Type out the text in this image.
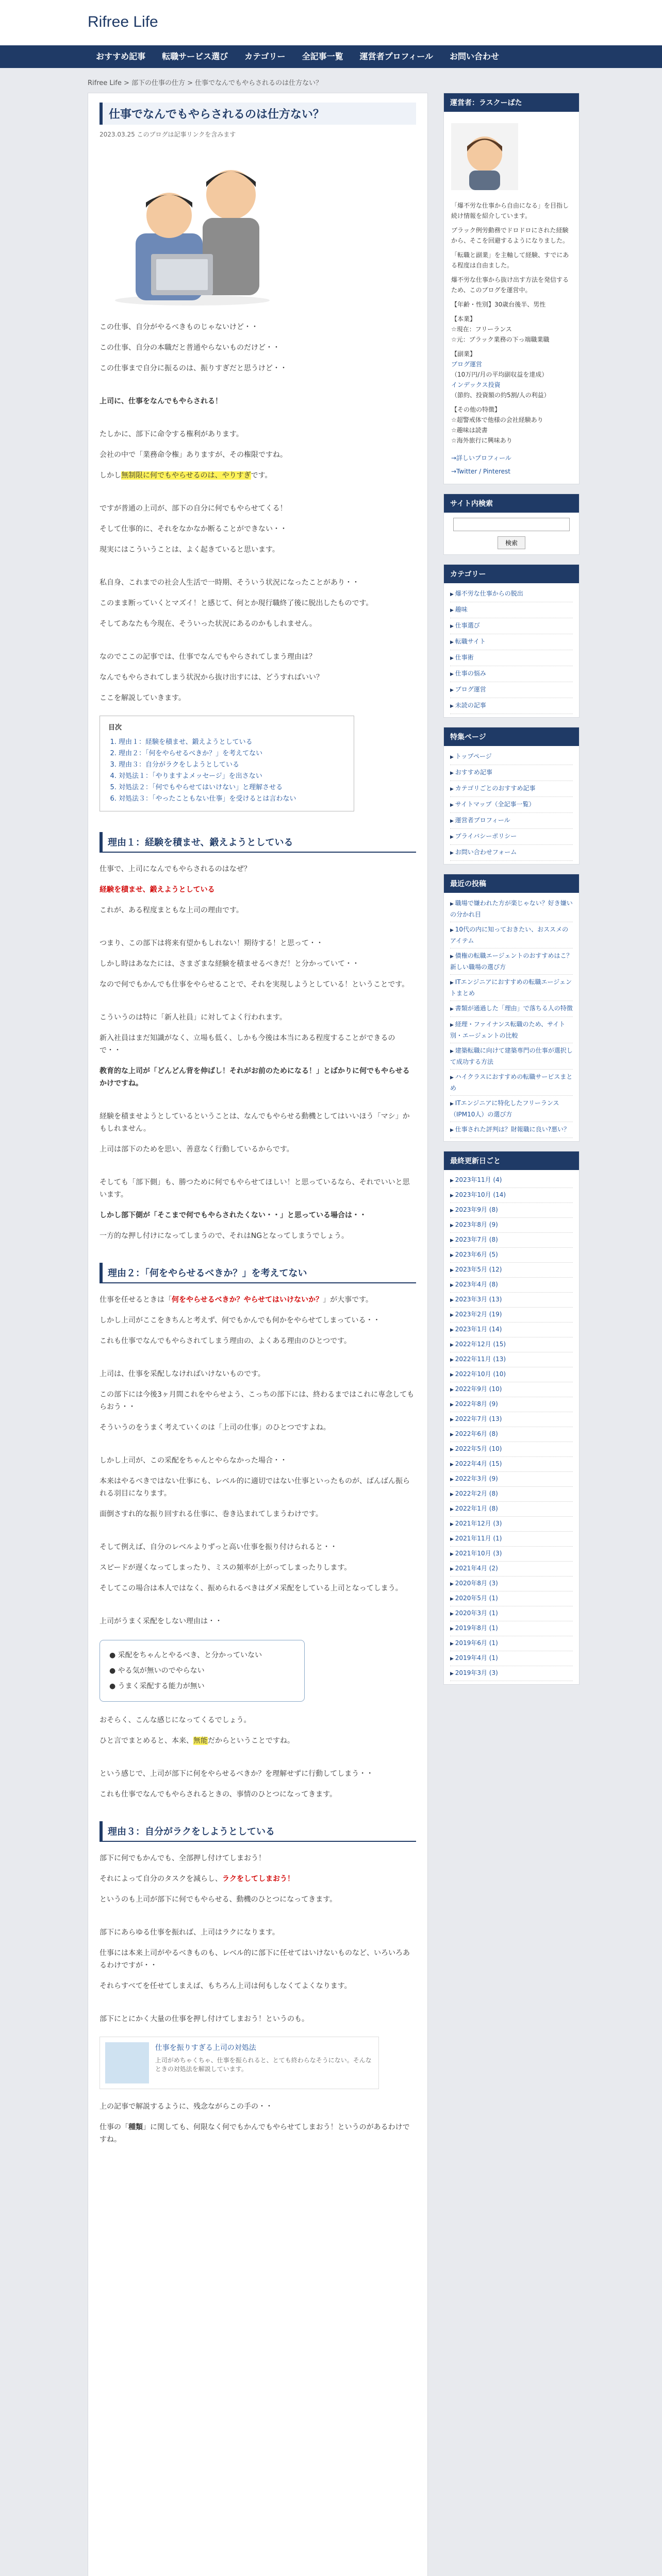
Rifree Life
おすすめ記事	転職サービス選び	カテゴリー	全記事一覧	運営者プロフィール	お問い合わせ
Rifree Life > 部下の仕事の仕方 > 仕事でなんでもやらされるのは仕方ない？
仕事でなんでもやらされるのは仕方ない？
2023.03.25 このブログは記事リンクを含みます

この仕事、自分がやるべきものじゃないけど・・

この仕事、自分の本職だと普通やらないものだけど・・

この仕事まで自分に振るのは、振りすぎだと思うけど・・

上司に、仕事をなんでもやらされる！

たしかに、部下に命令する権利があります。

会社の中で「業務命令権」ありますが、その権限ですね。

しかし無制限に何でもやらせるのは、やりすぎです。

ですが普通の上司が、部下の自分に何でもやらせてくる！

そして仕事的に、それをなかなか断ることができない・・

現実にはこういうことは、よく起きていると思います。

私自身、これまでの社会人生活で一時期、そういう状況になったことがあり・・

このまま断っていくとマズイ！と感じて、何とか現行職終了後に脱出したものです。

そしてあなたも今現在、そういった状況にあるのかもしれません。

なのでここの記事では、仕事でなんでもやらされてしまう理由は？

なんでもやらされてしまう状況から抜け出すには、どうすればいい？

ここを解説していきます。

目次
1. 理由１：経験を積ませ、鍛えようとしている
2. 理由２：「何をやらせるべきか？」を考えてない
3. 理由３：自分がラクをしようとしている
4. 対処法１：「やりますよメッセージ」を出さない
5. 対処法２：「何でもやらせてはいけない」と理解させる
6. 対処法３：「やったこともない仕事」を受けるとは言わない
理由１：経験を積ませ、鍛えようとしている

仕事で、上司になんでもやらされるのはなぜ？

経験を積ませ、鍛えようとしている

これが、ある程度まともな上司の理由です。

つまり、この部下は将来有望かもしれない！期待する！と思って・・

しかし時はあなたには、さまざまな経験を積ませるべきだ！と分かっていて・・

なので何でもかんでも仕事をやらせることで、それを実現しようとしている！ということです。

こういうのは特に「新人社員」に対してよく行われます。

新入社員はまだ知識がなく、立場も低く、しかも今後は本当にある程度することができるので・・

教育的な上司が「どんどん背を伸ばし！それがお前のためになる！」とばかりに何でもやらせるかけですね。

経験を積ませようとしているということは、なんでもやらせる動機としてはいいほう「マシ」かもしれません。

上司は部下のためを思い、善意なく行動しているからです。

そしても「部下側」も、勝つために何でもやらせてほしい！と思っているなら、それでいいと思います。

しかし部下側が「そこまで何でもやらされたくない・・」と思っている場合は・・

一方的な押し付けになってしまうので、それはNGとなってしまうでしょう。

理由２：「何をやらせるべきか？」を考えてない

仕事を任せるときは「何をやらせるべきか？やらせてはいけないか？」が大事です。

しかし上司がここをきちんと考えず、何でもかんでも何かをやらせてしまっている・・

これも仕事でなんでもやらされてしまう理由の、よくある理由のひとつです。

上司は、仕事を采配しなければいけないものです。

この部下には今後3ヶ月間これをやらせよう、こっちの部下には、終わるまではこれに専念してもらおう・・

そういうのをうまく考えていくのは「上司の仕事」のひとつですよね。

しかし上司が、この采配をちゃんとやらなかった場合・・

本来はやるべきではない仕事にも、レベル的に適切ではない仕事といったものが、ばんばん振られる羽目になります。

面倒さすれ的な振り回すれる仕事に、巻き込まれてしまうわけです。

そして例えば、自分のレベルよりずっと高い仕事を振り付けられると・・

スピードが遅くなってしまったり、ミスの頻率が上がってしまったりします。

そしてこの場合は本人ではなく、振められるべきはダメ采配をしている上司となってしまう。

上司がうまく采配をしない理由は・・

● 采配をちゃんとやるべき、と分かっていない
● やる気が無いのでやらない
● うまく采配する能力が無い

おそらく、こんな感じになってくるでしょう。

ひと言でまとめると、本来、無能だからということですね。

という感じで、上司が部下に何をやらせるべきか？を理解せずに行動してしまう・・

これも仕事でなんでもやらされるときの、事情のひとつになってきます。

理由３：自分がラクをしようとしている

部下に何でもかんでも、全部押し付けてしまおう！

それによって自分のタスクを減らし、ラクをしてしまおう！

というのも上司が部下に何でもやらせる、動機のひとつになってきます。

部下にあらゆる仕事を振れば、上司はラクになります。

仕事には本来上司がやるべきものも、レベル的に部下に任せてはいけないものなど、いろいろあるわけですが・・

それらすべてを任せてしまえば、もちろん上司は何もしなくてよくなります。

部下にとにかく大量の仕事を押し付けてしまおう！というのも。

仕事を振りすぎる上司の対処法
上司がめちゃくちゃ、仕事を振られると、とても終わらなそうにない。そんなときの対処法を解説しています。

上の記事で解説するように、残念ながらこの手の・・

仕事の「種類」に関しても、何限なく何でもかんでもやらせてしまおう！というのがあるわけですね。

運営者：ラスクーばた
「爆不労な仕事から自由になる」を目指し続け情報を紹介しています。
ブラック例労動務でドロドロにされた経験から、そこを回避するようになりました。
「転職と副業」を主軸して経験、すでにある程度は自由ました。
爆不労な仕事から抜け出す方法を発信するため、このブログを運営中。
【年齢・性別】30歳台後半、男性
【本業】
☆現在：フリーランス
☆元：ブラック業務の下っ端職業職
【副業】
ブログ運営
（10万円/月の平均副収益を達成）
インデックス投資
（節約、投資額の約5割/人の利益）
【その他の特徴】
☆超警戒体で他様の会社経験あり
☆趣味は読書
☆海外旅行に興味あり
→詳しいプロフィール
→Twitter / Pinterest
サイト内検索
検索
カテゴリー
▶ 爆不労な仕事からの脱出
▶ 趣味
▶ 仕事選び
▶ 転職サイト
▶ 仕事術
▶ 仕事の悩み
▶ ブログ運営
▶ 未読の記事
特集ページ
▶ トップページ
▶ おすすめ記事
▶ カテゴリごとのおすすめ記事
▶ サイトマップ（全記事一覧）
▶ 運営者プロフィール
▶ プライバシーポリシー
▶ お問い合わせフォーム
最近の投稿
▶ 職場で嫌われた方が楽じゃない？好き嫌いの分かれ目
▶ 10代の内に知っておきたい、おススメのアイテム
▶ 債権の転職エージェントのおすすめはこ？新しい職場の選び方
▶ ITエンジニアにおすすめの転職エージェントまとめ
▶ 書類が通過した「理由」で落ちる人の特徴
▶ 経理・ファイナンス転職のため、サイト別・エージェントの比較
▶ 建築転職に向けて建築専門の仕事が選択して成功する方法
▶ ハイクラスにおすすめの転職サービスまとめ
▶ ITエンジニアに特化したフリーランス（IPM10人）の選び方
▶ 仕事された評判は？財報職に良い?悪い？
最終更新日ごと
▶ 2023年11月 (4)
▶ 2023年10月 (14)
▶ 2023年9月 (8)
▶ 2023年8月 (9)
▶ 2023年7月 (8)
▶ 2023年6月 (5)
▶ 2023年5月 (12)
▶ 2023年4月 (8)
▶ 2023年3月 (13)
▶ 2023年2月 (19)
▶ 2023年1月 (14)
▶ 2022年12月 (15)
▶ 2022年11月 (13)
▶ 2022年10月 (10)
▶ 2022年9月 (10)
▶ 2022年8月 (9)
▶ 2022年7月 (13)
▶ 2022年6月 (8)
▶ 2022年5月 (10)
▶ 2022年4月 (15)
▶ 2022年3月 (9)
▶ 2022年2月 (8)
▶ 2022年1月 (8)
▶ 2021年12月 (3)
▶ 2021年11月 (1)
▶ 2021年10月 (3)
▶ 2021年4月 (2)
▶ 2020年8月 (3)
▶ 2020年5月 (1)
▶ 2020年3月 (1)
▶ 2019年8月 (1)
▶ 2019年6月 (1)
▶ 2019年4月 (1)
▶ 2019年3月 (3)
